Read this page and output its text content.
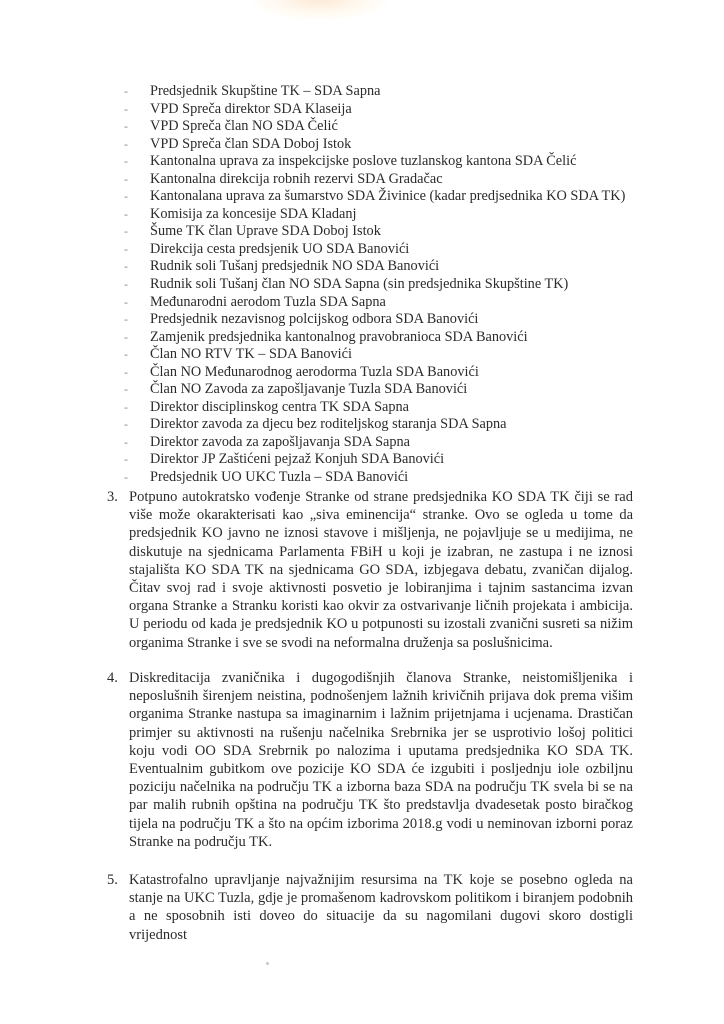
- Predsjednik Skupštine TK – SDA Sapna
- VPD Spreča direktor SDA Klaseija
- VPD Spreča član NO SDA Čelić
- VPD Spreča član SDA Doboj Istok
- Kantonalna uprava za inspekcijske poslove tuzlanskog kantona SDA Čelić
- Kantonalna direkcija robnih rezervi SDA Gradačac
- Kantonalana uprava za šumarstvo SDA Živinice (kadar predjsednika KO SDA TK)
- Komisija za koncesije SDA Kladanj
- Šume TK član Uprave SDA Doboj Istok
- Direkcija cesta predsjenik UO SDA Banovići
- Rudnik soli Tušanj predsjednik NO SDA Banovići
- Rudnik soli Tušanj član NO SDA Sapna (sin predsjednika Skupštine TK)
- Međunarodni aerodom Tuzla SDA Sapna
- Predsjednik nezavisnog polcijskog odbora SDA Banovići
- Zamjenik predsjednika kantonalnog pravobranioca SDA Banovići
- Član NO RTV TK – SDA Banovići
- Član NO Međunarodnog aerodorma Tuzla SDA Banovići
- Član NO Zavoda za zapošljavanje Tuzla SDA Banovići
- Direktor disciplinskog centra TK SDA Sapna
- Direktor zavoda za djecu bez roditeljskog staranja SDA Sapna
- Direktor zavoda za zapošljavanja SDA Sapna
- Direktor JP Zaštićeni pejzaž Konjuh SDA Banovići
- Predsjednik UO UKC Tuzla – SDA Banovići
3. Potpuno autokratsko vođenje Stranke od strane predsjednika KO SDA TK čiji se rad više može okarakterisati kao „siva eminencija“ stranke. Ovo se ogleda u tome da predsjednik KO javno ne iznosi stavove i mišljenja, ne pojavljuje se u medijima, ne diskutuje na sjednicama Parlamenta FBiH u koji je izabran, ne zastupa i ne iznosi stajališta KO SDA TK na sjednicama GO SDA, izbjegava debatu, zvaničan dijalog. Čitav svoj rad i svoje aktivnosti posvetio je lobiranjima i tajnim sastancima izvan organa Stranke a Stranku koristi kao okvir za ostvarivanje ličnih projekata i ambicija. U periodu od kada je predsjednik KO u potpunosti su izostali zvanični susreti sa nižim organima Stranke i sve se svodi na neformalna druženja sa poslušnicima.
4. Diskreditacija zvaničnika i dugogodišnjih članova Stranke, neistomišljenika i neposlušnih širenjem neistina, podnošenjem lažnih krivičnih prijava dok prema višim organima Stranke nastupa sa imaginarnim i lažnim prijetnjama i ucjenama. Drastičan primjer su aktivnosti na rušenju načelnika Srebrnika jer se usprotivio lošoj politici koju vodi OO SDA Srebrnik po nalozima i uputama predsjednika KO SDA TK. Eventualnim gubitkom ove pozicije KO SDA će izgubiti i posljednju iole ozbiljnu poziciju načelnika na području TK a izborna baza SDA na području TK svela bi se na par malih rubnih opština na području TK što predstavlja dvadesetak posto biračkog tijela na području TK a što na općim izborima 2018.g vodi u neminovan izborni poraz Stranke na području TK.
5. Katastrofalno upravljanje najvažnijim resursima na TK koje se posebno ogleda na stanje na UKC Tuzla, gdje je promašenom kadrovskom politikom i biranjem podobnih a ne sposobnih isti doveo do situacije da su nagomilani dugovi skoro dostigli vrijednost
